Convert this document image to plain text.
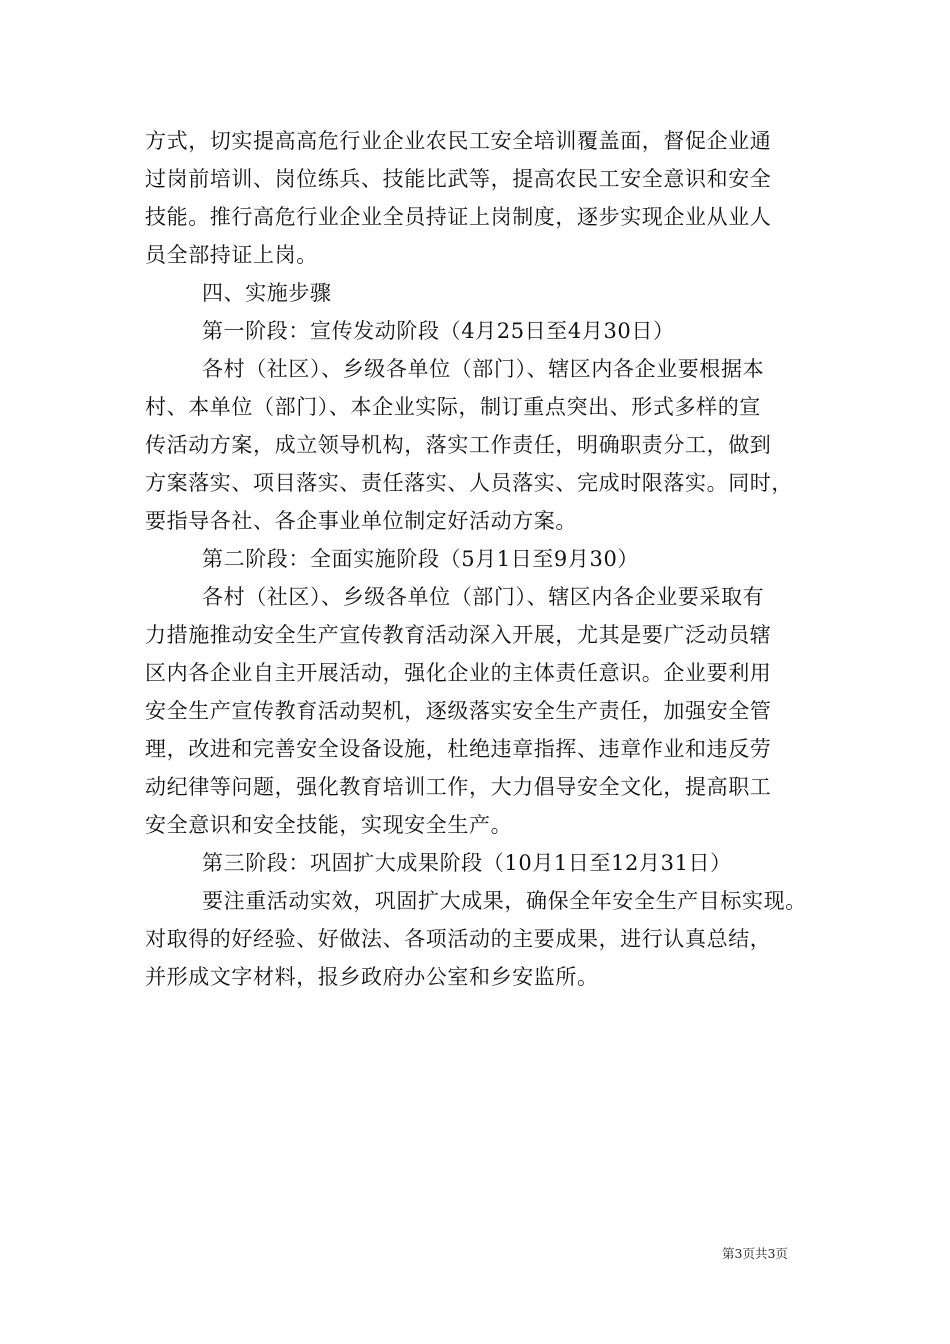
方式，切实提高高危行业企业农民工安全培训覆盖面，督促企业通
过岗前培训、岗位练兵、技能比武等，提高农民工安全意识和安全
技能。推行高危行业企业全员持证上岗制度，逐步实现企业从业人
员全部持证上岗。
四、实施步骤
第一阶段：宣传发动阶段（4月25日至4月30日）
各村（社区）、乡级各单位（部门）、辖区内各企业要根据本
村、本单位（部门）、本企业实际，制订重点突出、形式多样的宣
传活动方案，成立领导机构，落实工作责任，明确职责分工，做到
方案落实、项目落实、责任落实、人员落实、完成时限落实。同时，
要指导各社、各企事业单位制定好活动方案。
第二阶段：全面实施阶段（5月1日至9月30）
各村（社区）、乡级各单位（部门）、辖区内各企业要采取有
力措施推动安全生产宣传教育活动深入开展，尤其是要广泛动员辖
区内各企业自主开展活动，强化企业的主体责任意识。企业要利用
安全生产宣传教育活动契机，逐级落实安全生产责任，加强安全管
理，改进和完善安全设备设施，杜绝违章指挥、违章作业和违反劳
动纪律等问题，强化教育培训工作，大力倡导安全文化，提高职工
安全意识和安全技能，实现安全生产。
第三阶段：巩固扩大成果阶段（10月1日至12月31日）
要注重活动实效，巩固扩大成果，确保全年安全生产目标实现。
对取得的好经验、好做法、各项活动的主要成果，进行认真总结，
并形成文字材料，报乡政府办公室和乡安监所。
第3页共3页
